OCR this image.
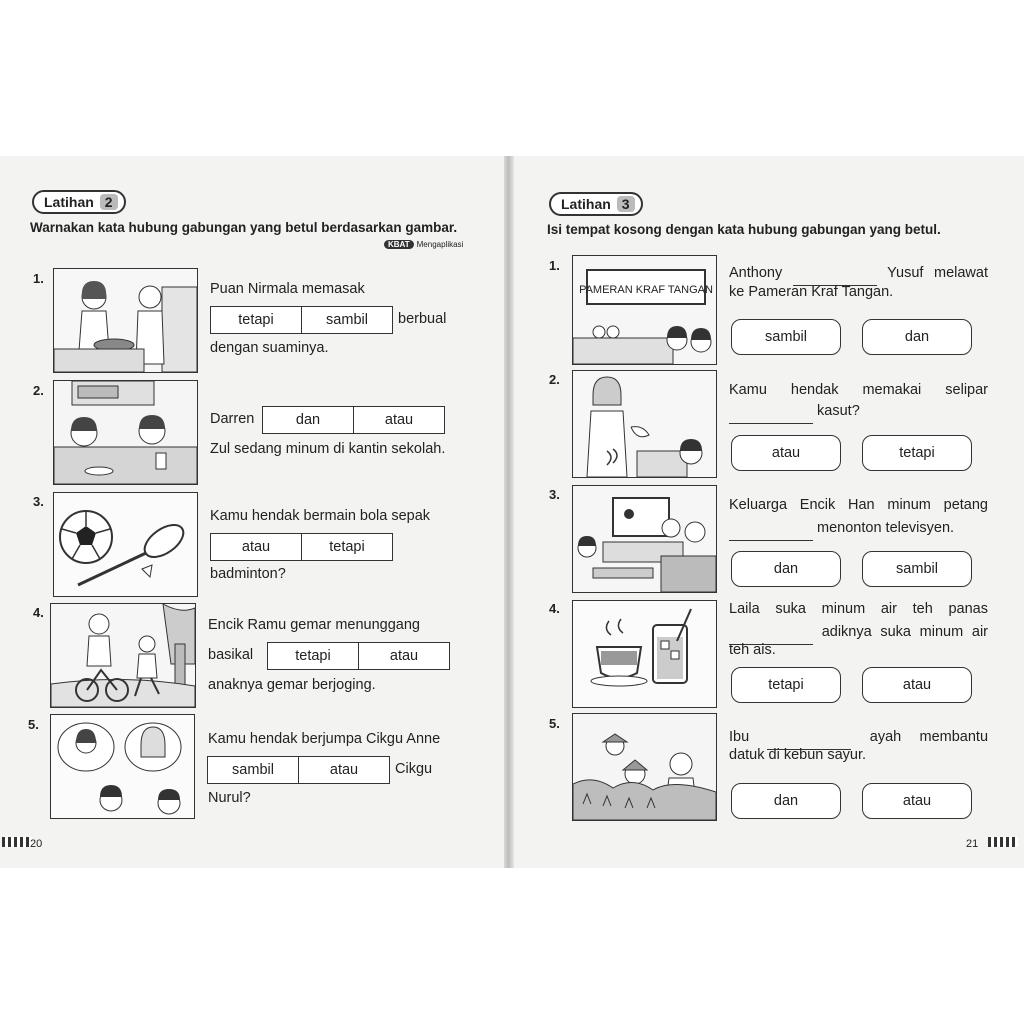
Latihan 2
Warnakan kata hubung gabungan yang betul berdasarkan gambar.
KBAT Mengaplikasi
1.
Puan Nirmala memasak
tetapi	sambil	berbual
dengan suaminya.
2.
Darren	dan	atau
Zul sedang minum di kantin sekolah.
3.
Kamu hendak bermain bola sepak
atau	tetapi
badminton?
4.
Encik Ramu gemar menunggang
basikal	tetapi	atau
anaknya gemar berjoging.
5.
Kamu hendak berjumpa Cikgu Anne
sambil	atau	Cikgu
Nurul?
20
Latihan 3
Isi tempat kosong dengan kata hubung gabungan yang betul.
1.
PAMERAN KRAF TANGAN
Anthony	Yusuf melawat
ke Pameran Kraf Tangan.
sambil	dan
2.
Kamu hendak memakai selipar
kasut?
atau	tetapi
3.
Keluarga Encik Han minum petang
menonton televisyen.
dan	sambil
4.	Laila suka minum air teh panas
adiknya suka minum air
teh ais.
tetapi	atau
5.
Ibu	ayah membantu
datuk di kebun sayur.
dan	atau
21
